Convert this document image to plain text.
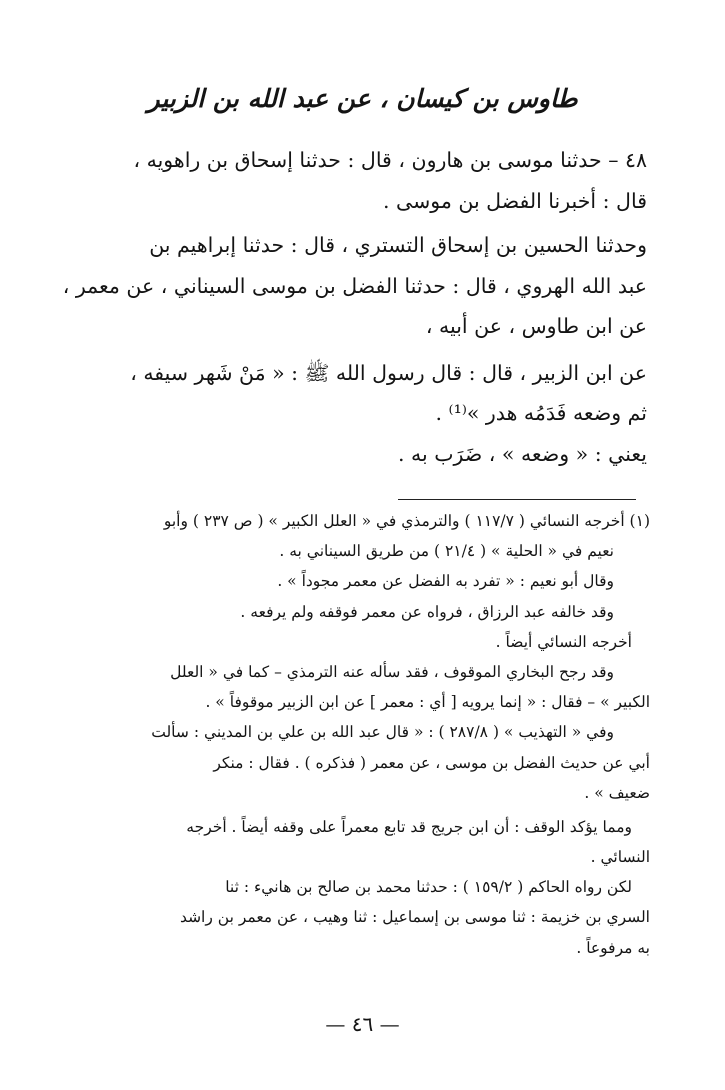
طاوس بن كيسان ، عن عبد الله بن الزبير
٤٨ – حدثنا موسى بن هارون ، قال : حدثنا إسحاق بن راهويه ،
قال : أخبرنا الفضل بن موسى .
وحدثنا الحسين بن إسحاق التستري ، قال : حدثنا إبراهيم بن
عبد الله الهروي ، قال : حدثنا الفضل بن موسى السيناني ، عن معمر ،
عن ابن طاوس ، عن أبيه ،
عن ابن الزبير ، قال : قال رسول الله ﷺ : « مَنْ شَهر سيفه ،
ثم وضعه فَدَمُه هدر »⁽¹⁾ .
يعني : « وضعه » ، ضَرَب به .
(١) أخرجه النسائي ( ١١٧/٧ ) والترمذي في « العلل الكبير » ( ص ٢٣٧ ) وأبو
نعيم في « الحلية » ( ٢١/٤ ) من طريق السيناني به .
وقال أبو نعيم : « تفرد به الفضل عن معمر مجوداً » .
وقد خالفه عبد الرزاق ، فرواه عن معمر فوقفه ولم يرفعه .
أخرجه النسائي أيضاً .
وقد رجح البخاري الموقوف ، فقد سأله عنه الترمذي – كما في « العلل
الكبير » – فقال : « إنما يرويه [ أي : معمر ] عن ابن الزبير موقوفاً » .
وفي « التهذيب » ( ٢٨٧/٨ ) : « قال عبد الله بن علي بن المديني : سألت
أبي عن حديث الفضل بن موسى ، عن معمر ( فذكره ) . فقال : منكر
ضعيف » .
ومما يؤكد الوقف : أن ابن جريج قد تابع معمراً على وقفه أيضاً . أخرجه
النسائي .
لكن رواه الحاكم ( ١٥٩/٢ ) : حدثنا محمد بن صالح بن هانيء : ثنا
السري بن خزيمة : ثنا موسى بن إسماعيل : ثنا وهيب ، عن معمر بن راشد
به مرفوعاً .
— ٤٦ —
